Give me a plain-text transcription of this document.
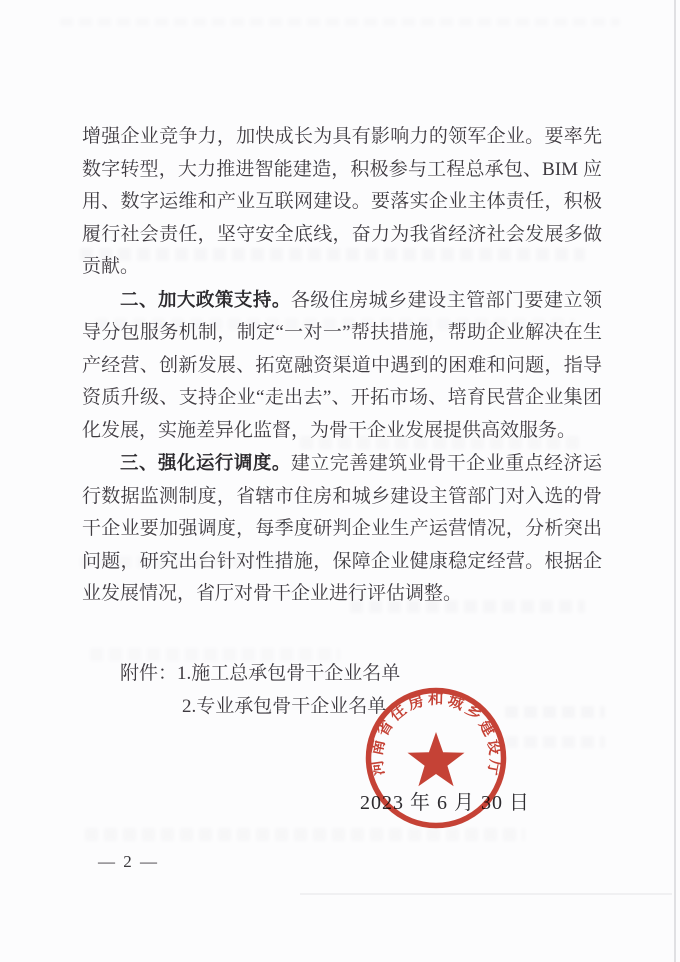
增强企业竞争力，加快成长为具有影响力的领军企业。要率先数字转型，大力推进智能建造，积极参与工程总承包、BIM 应用、数字运维和产业互联网建设。要落实企业主体责任，积极履行社会责任，坚守安全底线，奋力为我省经济社会发展多做贡献。

二、加大政策支持。各级住房城乡建设主管部门要建立领导分包服务机制，制定“一对一”帮扶措施，帮助企业解决在生产经营、创新发展、拓宽融资渠道中遇到的困难和问题，指导资质升级、支持企业“走出去”、开拓市场、培育民营企业集团化发展，实施差异化监督，为骨干企业发展提供高效服务。

三、强化运行调度。建立完善建筑业骨干企业重点经济运行数据监测制度，省辖市住房和城乡建设主管部门对入选的骨干企业要加强调度，每季度研判企业生产运营情况，分析突出问题，研究出台针对性措施，保障企业健康稳定经营。根据企业发展情况，省厅对骨干企业进行评估调整。

附件：1.施工总承包骨干企业名单
2.专业承包骨干企业名单
2023 年 6 月 30 日
河南省住房和城乡建设厅
— 2 —
